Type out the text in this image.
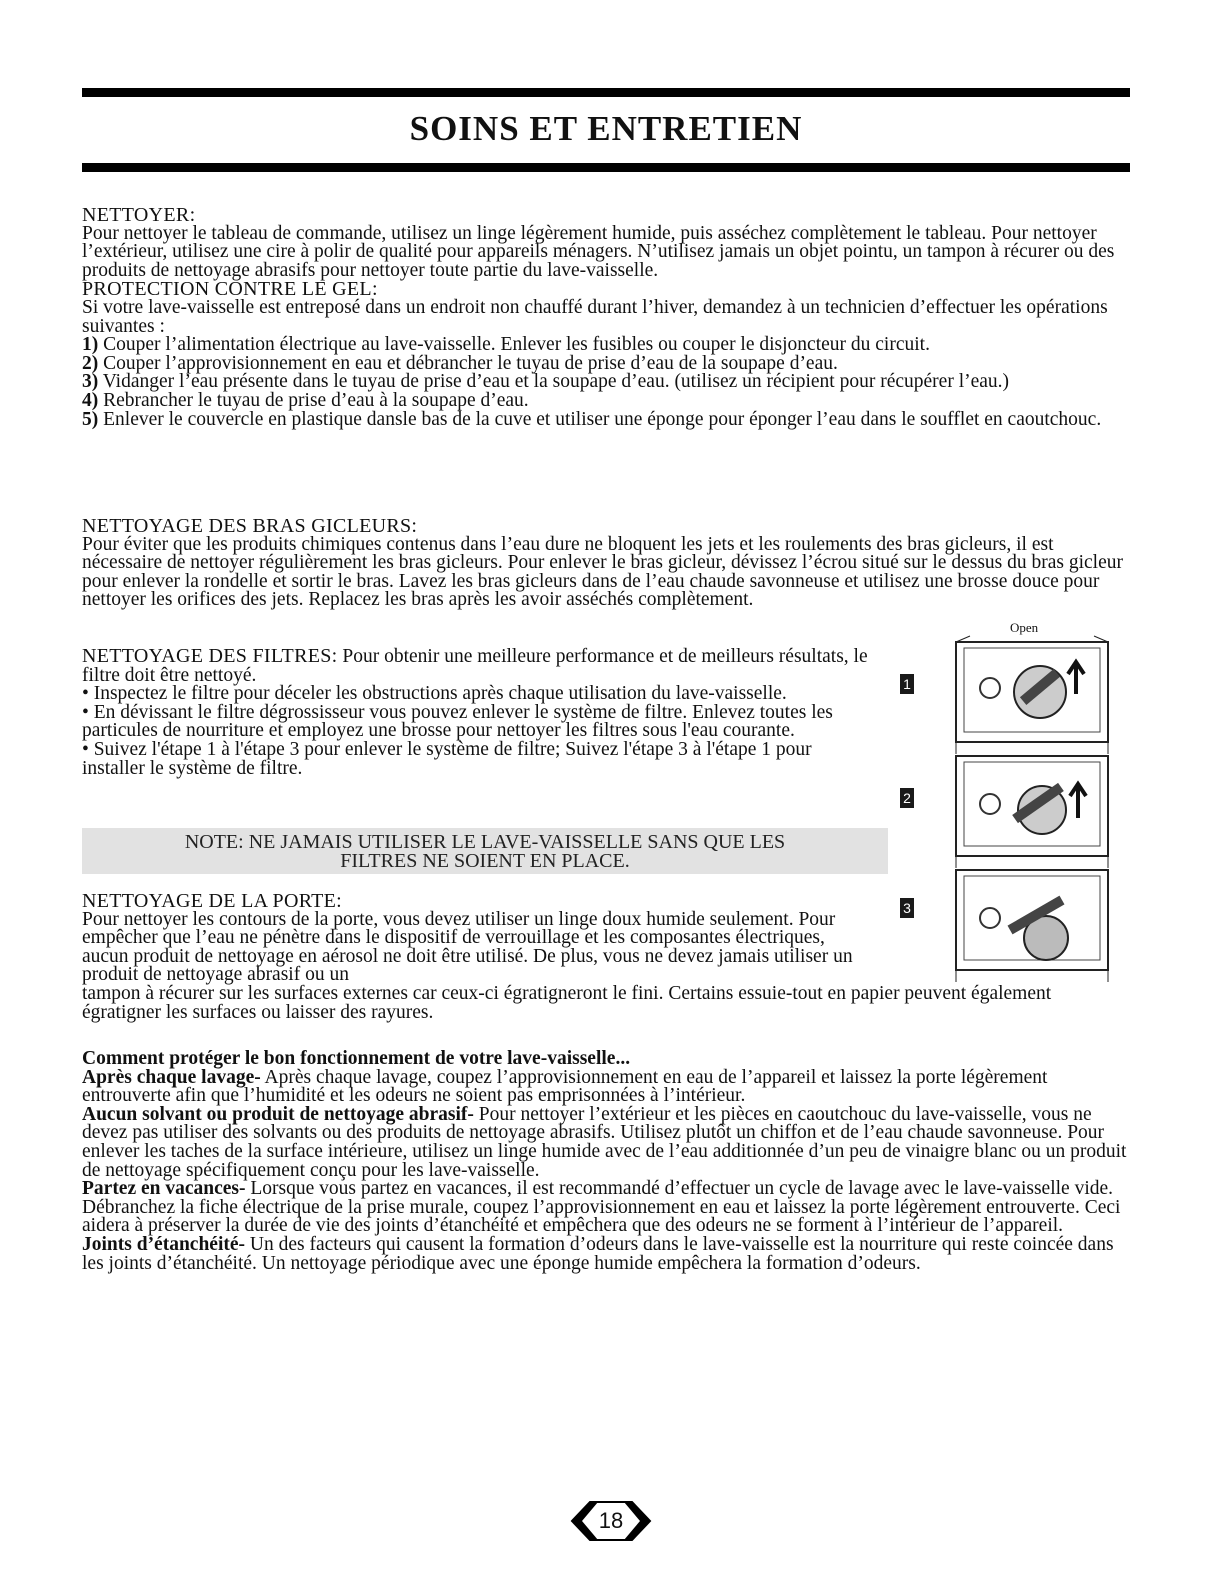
SOINS ET ENTRETIEN

NETTOYER:

Pour nettoyer le tableau de commande, utilisez un linge légèrement humide, puis asséchez complètement le tableau. Pour nettoyer l’extérieur, utilisez une cire à polir de qualité pour appareils ménagers. N’utilisez jamais un objet pointu, un tampon à récurer ou des produits de nettoyage abrasifs pour nettoyer toute partie du lave-vaisselle.

PROTECTION CONTRE LE GEL:

Si votre lave-vaisselle est entreposé dans un endroit non chauffé durant l’hiver, demandez à un technicien d’effectuer les opérations suivantes :

1) Couper l’alimentation électrique au lave-vaisselle. Enlever les fusibles ou couper le disjoncteur du circuit.

2) Couper l’approvisionnement en eau et débrancher le tuyau de prise d’eau de la soupape d’eau.

3) Vidanger l’eau présente dans le tuyau de prise d’eau et la soupape d’eau. (utilisez un récipient pour récupérer l’eau.)

4) Rebrancher le tuyau de prise d’eau à la soupape d’eau.

5) Enlever le couvercle en plastique dansle bas de la cuve et utiliser une éponge pour éponger l’eau dans le soufflet en caoutchouc.

NETTOYAGE DES BRAS GICLEURS:

Pour éviter que les produits chimiques contenus dans l’eau dure ne bloquent les jets et les roulements des bras gicleurs, il est nécessaire de nettoyer régulièrement les bras gicleurs. Pour enlever le bras gicleur, dévissez l’écrou situé sur le dessus du bras gicleur pour enlever la rondelle et sortir le bras. Lavez les bras gicleurs dans de l’eau chaude savonneuse et utilisez une brosse douce pour nettoyer les orifices des jets. Replacez les bras après les avoir asséchés complètement.

NETTOYAGE DES FILTRES: Pour obtenir une meilleure performance et de meilleurs résultats, le filtre doit être nettoyé.

• Inspectez le filtre pour déceler les obstructions après chaque utilisation du lave-vaisselle.

• En dévissant le filtre dégrossisseur vous pouvez enlever le système de filtre. Enlevez toutes les particules de nourriture et employez une brosse pour nettoyer les filtres sous l'eau courante.

• Suivez l'étape 1 à l'étape 3 pour enlever le système de filtre; Suivez l'étape 3 à l'étape 1 pour installer le système de filtre.

NOTE: NE JAMAIS UTILISER LE LAVE-VAISSELLE SANS QUE LES
FILTRES NE SOIENT EN PLACE.
Open
1
2
3

NETTOYAGE DE LA PORTE:

Pour nettoyer les contours de la porte, vous devez utiliser un linge doux humide seulement. Pour empêcher que l’eau ne pénètre dans le dispositif de verrouillage et les composantes électriques, aucun produit de nettoyage en aérosol ne doit être utilisé. De plus, vous ne devez jamais utiliser un produit de nettoyage abrasif ou un

tampon à récurer sur les surfaces externes car ceux-ci égratigneront le fini. Certains essuie-tout en papier peuvent également égratigner les surfaces ou laisser des rayures.

Comment protéger le bon fonctionnement de votre lave-vaisselle...

Après chaque lavage- Après chaque lavage, coupez l’approvisionnement en eau de l’appareil et laissez la porte légèrement entrouverte afin que l’humidité et les odeurs ne soient pas emprisonnées à l’intérieur.

Aucun solvant ou produit de nettoyage abrasif- Pour nettoyer l’extérieur et les pièces en caoutchouc du lave-vaisselle, vous ne devez pas utiliser des solvants ou des produits de nettoyage abrasifs. Utilisez plutôt un chiffon et de l’eau chaude savonneuse. Pour enlever les taches de la surface intérieure, utilisez un linge humide avec de l’eau additionnée d’un peu de vinaigre blanc ou un produit de nettoyage spécifiquement conçu pour les lave-vaisselle.

Partez en vacances- Lorsque vous partez en vacances, il est recommandé d’effectuer un cycle de lavage avec le lave-vaisselle vide. Débranchez la fiche électrique de la prise murale, coupez l’approvisionnement en eau et laissez la porte légèrement entrouverte. Ceci aidera à préserver la durée de vie des joints d’étanchéité et empêchera que des odeurs ne se forment à l’intérieur de l’appareil.

Joints d’étanchéité- Un des facteurs qui causent la formation d’odeurs dans le lave-vaisselle est la nourriture qui reste coincée dans les joints d’étanchéité. Un nettoyage périodique avec une éponge humide empêchera la formation d’odeurs.

18
